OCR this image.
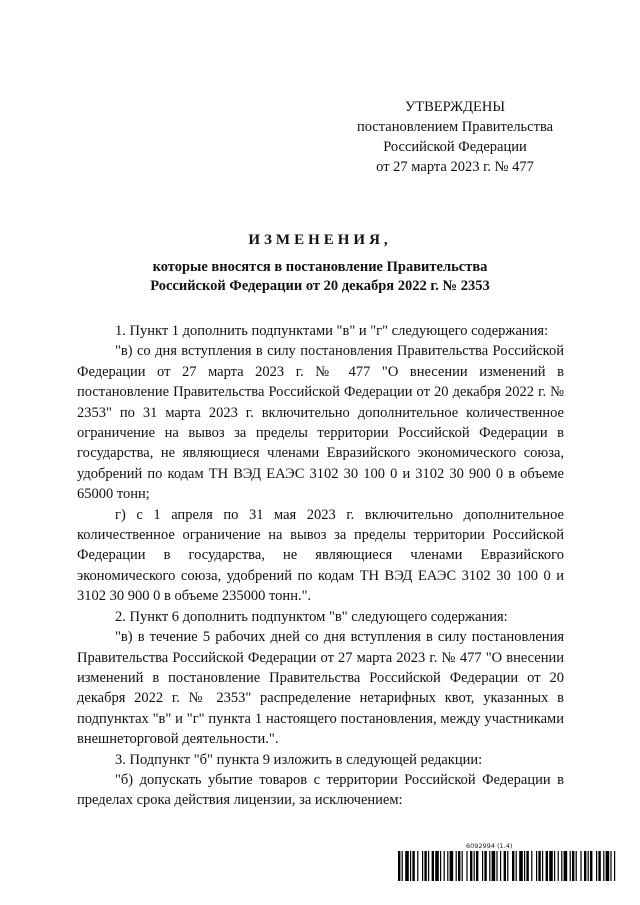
УТВЕРЖДЕНЫ
постановлением Правительства
Российской Федерации
от 27 марта 2023 г. № 477
ИЗМЕНЕНИЯ,
которые вносятся в постановление Правительства
Российской Федерации от 20 декабря 2022 г. № 2353

1. Пункт 1 дополнить подпунктами "в" и "г" следующего содержания:

"в) со дня вступления в силу постановления Правительства Российской Федерации от 27 марта 2023 г. № 477 "О внесении изменений в постановление Правительства Российской Федерации от 20 декабря 2022 г. № 2353" по 31 марта 2023 г. включительно дополнительное количественное ограничение на вывоз за пределы территории Российской Федерации в государства, не являющиеся членами Евразийского экономического союза, удобрений по кодам ТН ВЭД ЕАЭС 3102 30 100 0 и 3102 30 900 0 в объеме 65000 тонн;

г) с 1 апреля по 31 мая 2023 г. включительно дополнительное количественное ограничение на вывоз за пределы территории Российской Федерации в государства, не являющиеся членами Евразийского экономического союза, удобрений по кодам ТН ВЭД ЕАЭС 3102 30 100 0 и 3102 30 900 0 в объеме 235000 тонн.".

2. Пункт 6 дополнить подпунктом "в" следующего содержания:

"в) в течение 5 рабочих дней со дня вступления в силу постановления Правительства Российской Федерации от 27 марта 2023 г. № 477 "О внесении изменений в постановление Правительства Российской Федерации от 20 декабря 2022 г. № 2353" распределение нетарифных квот, указанных в подпунктах "в" и "г" пункта 1 настоящего постановления, между участниками внешнеторговой деятельности.".

3. Подпункт "б" пункта 9 изложить в следующей редакции:

"б) допускать убытие товаров с территории Российской Федерации в пределах срока действия лицензии, за исключением:

6092994 (1.4)
